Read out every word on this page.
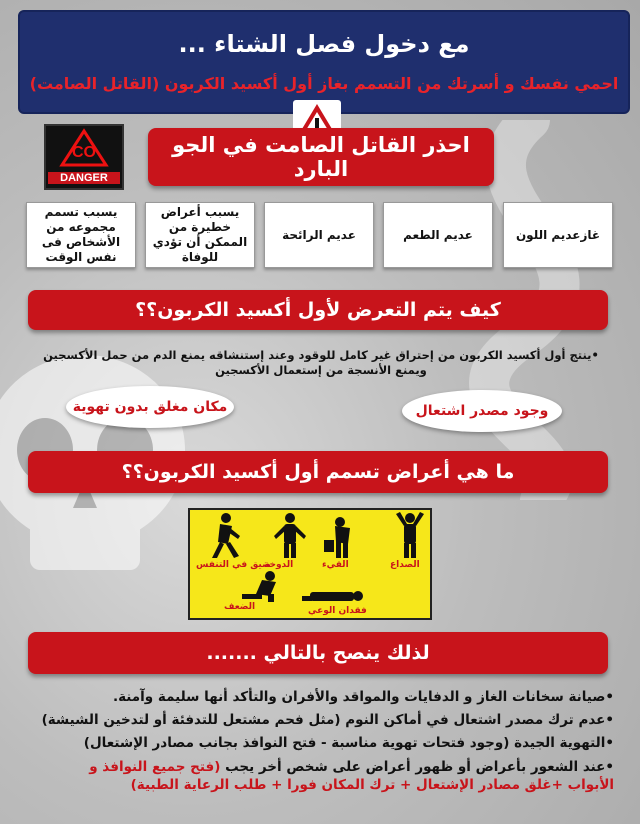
مع دخول فصل الشتاء ...
احمي نفسك و أسرتك من التسمم بغاز أول أكسيد الكربون (القاتل الصامت)
CO
DANGER
احذر القاتل الصامت في الجو البارد
غازعديم اللون
عديم الطعم
عديم الرائحة
يسبب أعراض خطيرة من الممكن أن تؤدي للوفاة
يسبب تسمم مجموعه من الأشخاص فى نفس الوقت
كيف يتم التعرض لأول أكسيد الكربون؟؟
•ينتج أول أكسيد الكربون من إحتراق غير كامل للوقود وعند إستنشاقه يمنع الدم من حمل الأكسجين ويمنع الأنسجة من إستعمال الأكسجين
وجود مصدر اشتعال
مكان مغلق بدون تهوية
ما هي أعراض تسمم أول أكسيد الكربون؟؟
الصداع
القيء
الدوخة
ضيق في التنفس
الضعف	فقدان الوعي
لذلك ينصح بالتالي .......
•صيانة سخانات الغاز و الدفايات والمواقد والأفران والتأكد أنها سليمة وآمنة.
•عدم ترك مصدر اشتعال في أماكن النوم (مثل فحم مشتعل للتدفئة أو لتدخين الشيشة)
•التهوية الجيدة (وجود فتحات تهوية مناسبة - فتح النوافذ بجانب مصادر الإشتعال)
•عند الشعور بأعراض أو ظهور أعراض على شخص أخر يجب (فتح جميع النوافذ و الأبواب +غلق مصادر الإشتعال + ترك المكان فورا + طلب الرعاية الطبية)
